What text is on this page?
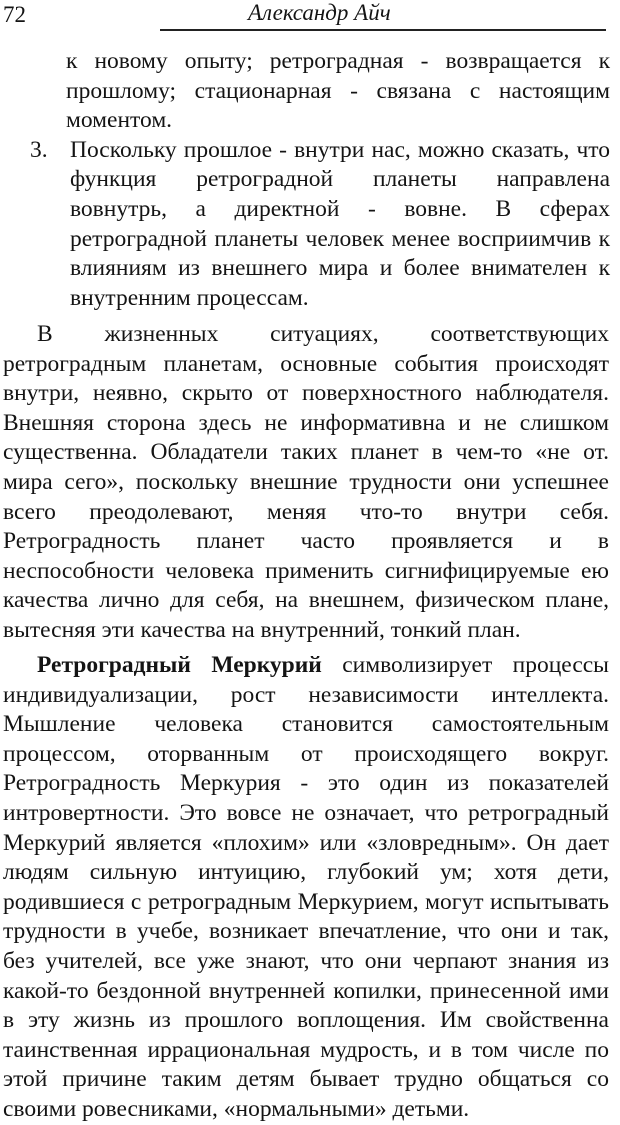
72	Александр Айч

к новому опыту; ретроградная - возвращается к прошлому; стационарная - связана с настоящим моментом.

3. Поскольку прошлое - внутри нас, можно сказать, что функция ретроградной планеты направлена вовнутрь, а директной - вовне. В сферах ретроградной планеты человек менее восприимчив к влияниям из внешнего мира и более внимателен к внутренним процессам.

В жизненных ситуациях, соответствующих ретроградным планетам, основные события происходят внутри, неявно, скрыто от поверхностного наблюдателя. Внешняя сторона здесь не информативна и не слишком существенна. Обладатели таких планет в чем-то «не от. мира сего», поскольку внешние трудности они успешнее всего преодолевают, меняя что-то внутри себя. Ретроградность планет часто проявляется и в неспособности человека применить сигнифицируемые ею качества лично для себя, на внешнем, физическом плане, вытесняя эти качества на внутренний, тонкий план.

Ретроградный Меркурий символизирует процессы индивидуализации, рост независимости интеллекта. Мышление человека становится самостоятельным процессом, оторванным от происходящего вокруг. Ретроградность Меркурия - это один из показателей интровертности. Это вовсе не означает, что ретроградный Меркурий является «плохим» или «зловредным». Он дает людям сильную интуицию, глубокий ум; хотя дети, родившиеся с ретроградным Меркурием, могут испытывать трудности в учебе, возникает впечатление, что они и так, без учителей, все уже знают, что они черпают знания из какой-то бездонной внутренней копилки, принесенной ими в эту жизнь из прошлого воплощения. Им свойственна таинственная иррациональная мудрость, и в том числе по этой причине таким детям бывает трудно общаться со своими ровесниками, «нормальными» детьми.
